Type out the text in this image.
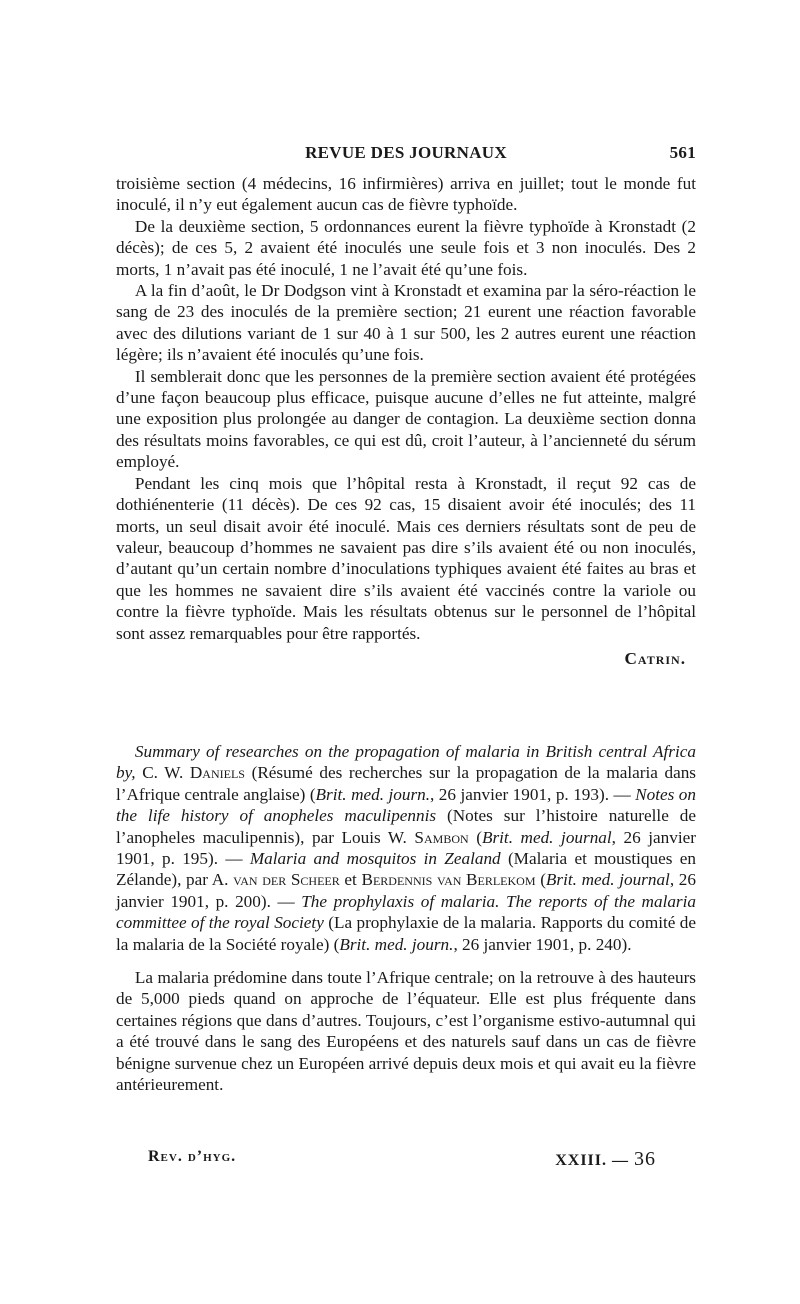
REVUE DES JOURNAUX	561

troisième section (4 médecins, 16 infirmières) arriva en juillet; tout le monde fut inoculé, il n’y eut également aucun cas de fièvre typhoïde.

De la deuxième section, 5 ordonnances eurent la fièvre typhoïde à Kronstadt (2 décès); de ces 5, 2 avaient été inoculés une seule fois et 3 non inoculés. Des 2 morts, 1 n’avait pas été inoculé, 1 ne l’avait été qu’une fois.

A la fin d’août, le Dr Dodgson vint à Kronstadt et examina par la séro-réaction le sang de 23 des inoculés de la première section; 21 eurent une réaction favorable avec des dilutions variant de 1 sur 40 à 1 sur 500, les 2 autres eurent une réaction légère; ils n’avaient été inoculés qu’une fois.

Il semblerait donc que les personnes de la première section avaient été protégées d’une façon beaucoup plus efficace, puisque aucune d’elles ne fut atteinte, malgré une exposition plus prolongée au danger de contagion. La deuxième section donna des résultats moins favorables, ce qui est dû, croit l’auteur, à l’ancienneté du sérum employé.

Pendant les cinq mois que l’hôpital resta à Kronstadt, il reçut 92 cas de dothiénenterie (11 décès). De ces 92 cas, 15 disaient avoir été inoculés; des 11 morts, un seul disait avoir été inoculé. Mais ces derniers résultats sont de peu de valeur, beaucoup d’hommes ne savaient pas dire s’ils avaient été ou non inoculés, d’autant qu’un certain nombre d’inoculations typhiques avaient été faites au bras et que les hommes ne savaient dire s’ils avaient été vaccinés contre la variole ou contre la fièvre typhoïde. Mais les résultats obtenus sur le personnel de l’hôpital sont assez remarquables pour être rapportés.

Catrin.

Summary of researches on the propagation of malaria in British central Africa by, C. W. Daniels (Résumé des recherches sur la propagation de la malaria dans l’Afrique centrale anglaise) (Brit. med. journ., 26 janvier 1901, p. 193). — Notes on the life history of anopheles maculipennis (Notes sur l’histoire naturelle de l’anopheles maculipennis), par Louis W. Sambon (Brit. med. journal, 26 janvier 1901, p. 195). — Malaria and mosquitos in Zealand (Malaria et moustiques en Zélande), par A. van der Scheer et Berdennis van Berlekom (Brit. med. journal, 26 janvier 1901, p. 200). — The prophylaxis of malaria. The reports of the malaria committee of the royal Society (La prophylaxie de la malaria. Rapports du comité de la malaria de la Société royale) (Brit. med. journ., 26 janvier 1901, p. 240).

La malaria prédomine dans toute l’Afrique centrale; on la retrouve à des hauteurs de 5,000 pieds quand on approche de l’équateur. Elle est plus fréquente dans certaines régions que dans d’autres. Toujours, c’est l’organisme estivo-autumnal qui a été trouvé dans le sang des Européens et des naturels sauf dans un cas de fièvre bénigne survenue chez un Européen arrivé depuis deux mois et qui avait eu la fièvre antérieurement.

Rev. d’hyg.	XXIII. — 36
